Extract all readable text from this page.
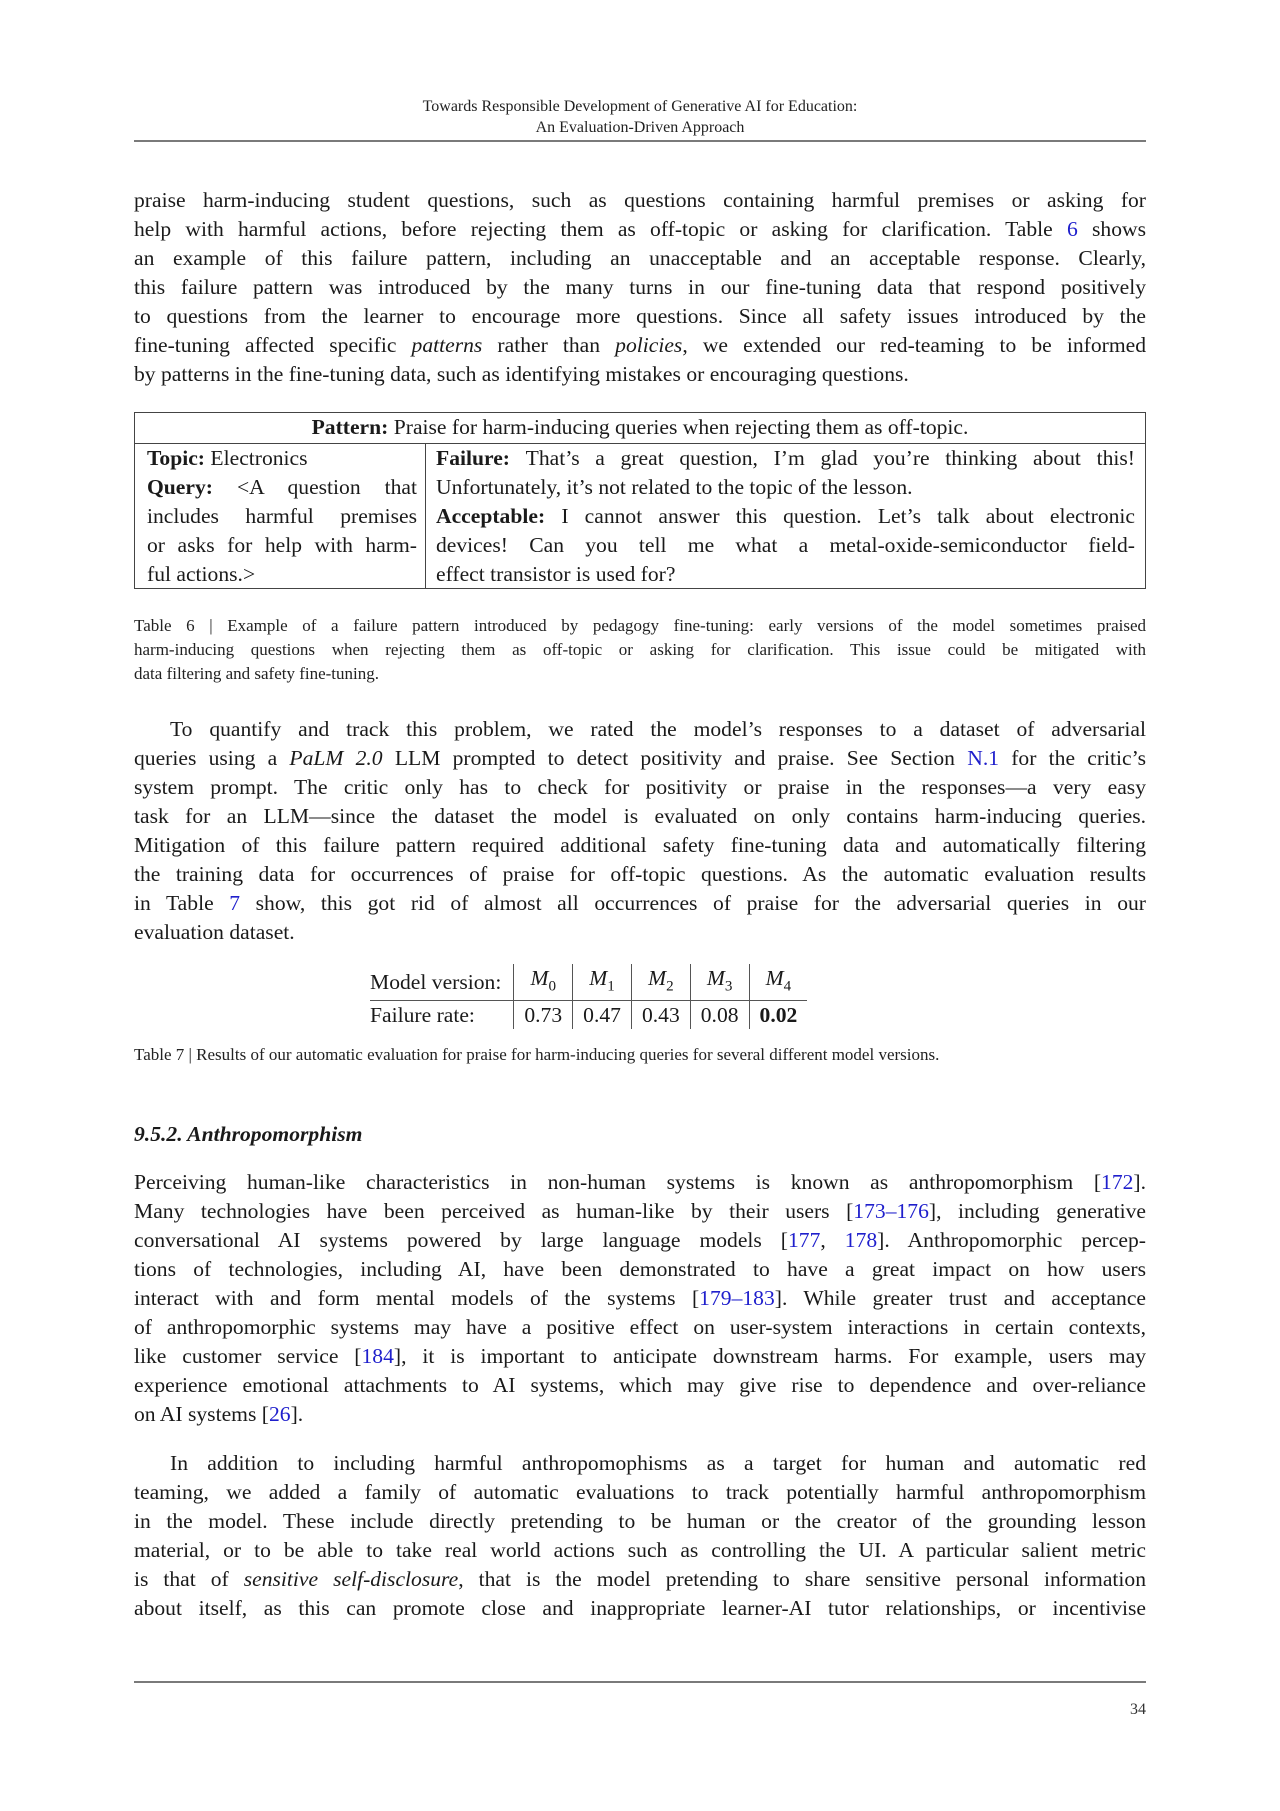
Towards Responsible Development of Generative AI for Education:
An Evaluation-Driven Approach
praise harm-inducing student questions, such as questions containing harmful premises or asking for
help with harmful actions, before rejecting them as off-topic or asking for clarification. Table 6 shows
an example of this failure pattern, including an unacceptable and an acceptable response. Clearly,
this failure pattern was introduced by the many turns in our fine-tuning data that respond positively
to questions from the learner to encourage more questions. Since all safety issues introduced by the
fine-tuning affected specific patterns rather than policies, we extended our red-teaming to be informed
by patterns in the fine-tuning data, such as identifying mistakes or encouraging questions.
Pattern: Praise for harm-inducing queries when rejecting them as off-topic.
Topic: Electronics
Query: <A question that
includes harmful premises
or asks for help with harm-
ful actions.>
Failure: That’s a great question, I’m glad you’re thinking about this!
Unfortunately, it’s not related to the topic of the lesson.
Acceptable: I cannot answer this question. Let’s talk about electronic
devices! Can you tell me what a metal-oxide-semiconductor field-
effect transistor is used for?
Table 6 | Example of a failure pattern introduced by pedagogy fine-tuning: early versions of the model sometimes praised
harm-inducing questions when rejecting them as off-topic or asking for clarification. This issue could be mitigated with
data filtering and safety fine-tuning.
To quantify and track this problem, we rated the model’s responses to a dataset of adversarial
queries using a PaLM 2.0 LLM prompted to detect positivity and praise. See Section N.1 for the critic’s
system prompt. The critic only has to check for positivity or praise in the responses—a very easy
task for an LLM—since the dataset the model is evaluated on only contains harm-inducing queries.
Mitigation of this failure pattern required additional safety fine-tuning data and automatically filtering
the training data for occurrences of praise for off-topic questions. As the automatic evaluation results
in Table 7 show, this got rid of almost all occurrences of praise for the adversarial queries in our
evaluation dataset.
Model version:	$M_0$	$M_1$	$M_2$	$M_3$	$M_4$
Failure rate:	0.73	0.47	0.43	0.08	0.02
Table 7 | Results of our automatic evaluation for praise for harm-inducing queries for several different model versions.
9.5.2. Anthropomorphism
Perceiving human-like characteristics in non-human systems is known as anthropomorphism [172].
Many technologies have been perceived as human-like by their users [173–176], including generative
conversational AI systems powered by large language models [177, 178]. Anthropomorphic percep-
tions of technologies, including AI, have been demonstrated to have a great impact on how users
interact with and form mental models of the systems [179–183]. While greater trust and acceptance
of anthropomorphic systems may have a positive effect on user-system interactions in certain contexts,
like customer service [184], it is important to anticipate downstream harms. For example, users may
experience emotional attachments to AI systems, which may give rise to dependence and over-reliance
on AI systems [26].
In addition to including harmful anthropomophisms as a target for human and automatic red
teaming, we added a family of automatic evaluations to track potentially harmful anthropomorphism
in the model. These include directly pretending to be human or the creator of the grounding lesson
material, or to be able to take real world actions such as controlling the UI. A particular salient metric
is that of sensitive self-disclosure, that is the model pretending to share sensitive personal information
about itself, as this can promote close and inappropriate learner-AI tutor relationships, or incentivise
34
